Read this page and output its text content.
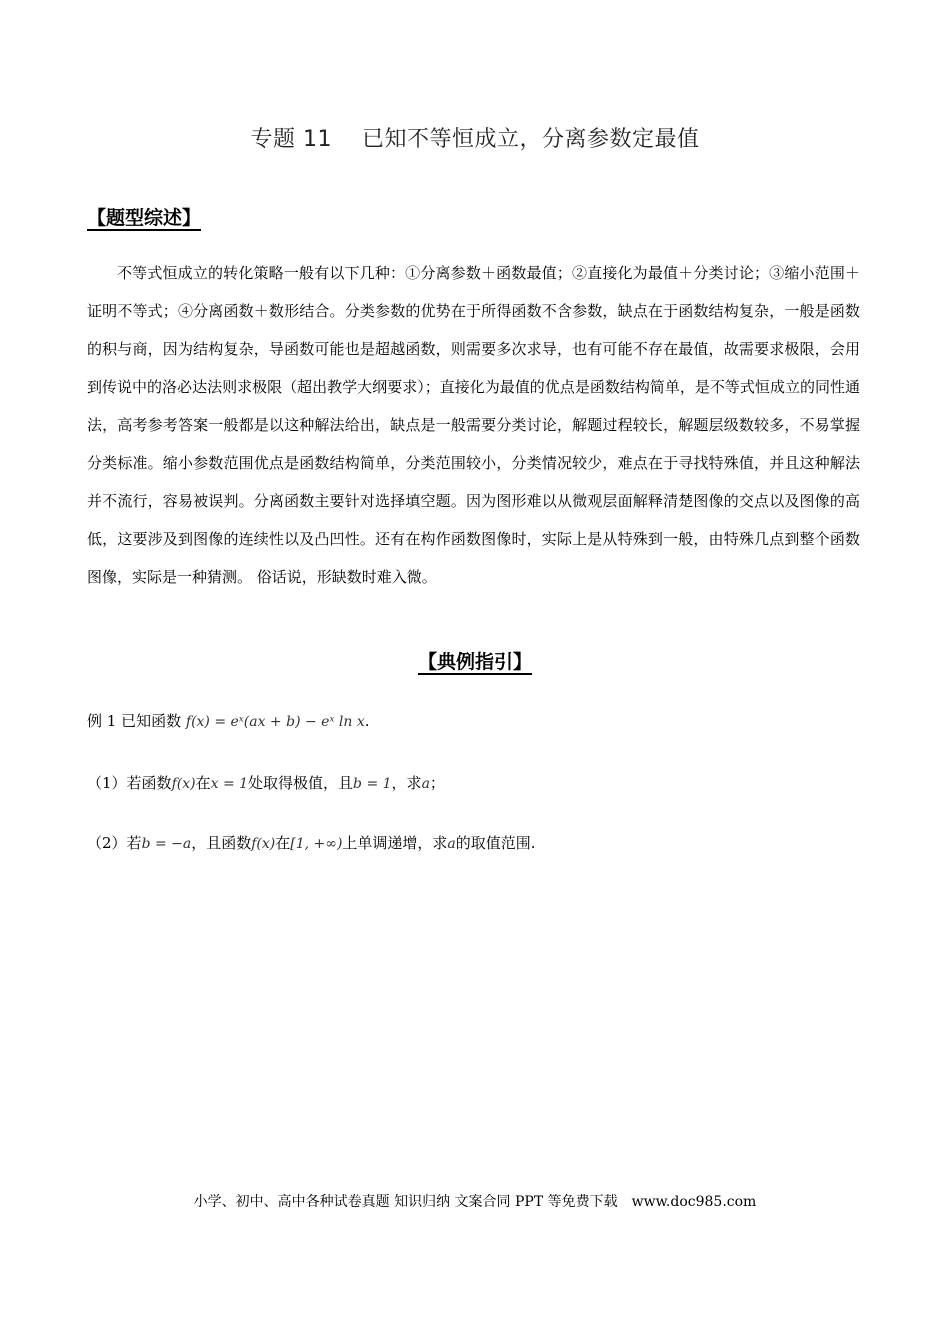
专题 11　 已知不等恒成立，分离参数定最值
【题型综述】
不等式恒成立的转化策略一般有以下几种：①分离参数＋函数最值；②直接化为最值＋分类讨论；③缩小范围＋证明不等式；④分离函数＋数形结合。分类参数的优势在于所得函数不含参数，缺点在于函数结构复杂，一般是函数的积与商，因为结构复杂，导函数可能也是超越函数，则需要多次求导，也有可能不存在最值，故需要求极限，会用到传说中的洛必达法则求极限（超出教学大纲要求）；直接化为最值的优点是函数结构简单，是不等式恒成立的同性通法，高考参考答案一般都是以这种解法给出，缺点是一般需要分类讨论，解题过程较长，解题层级数较多，不易掌握分类标准。缩小参数范围优点是函数结构简单，分类范围较小，分类情况较少，难点在于寻找特殊值，并且这种解法并不流行，容易被误判。分离函数主要针对选择填空题。因为图形难以从微观层面解释清楚图像的交点以及图像的高低，这要涉及到图像的连续性以及凸凹性。还有在构作函数图像时，实际上是从特殊到一般，由特殊几点到整个函数图像，实际是一种猜测。 俗话说，形缺数时难入微。
【典例指引】
例 1 已知函数 f(x) = eˣ(ax + b) − eˣ ln x.
（1）若函数f(x)在x = 1处取得极值，且b = 1，求a；
（2）若b = −a，且函数f(x)在[1, +∞)上单调递增，求a的取值范围.
小学、初中、高中各种试卷真题 知识归纳 文案合同 PPT 等免费下载　www.doc985.com
